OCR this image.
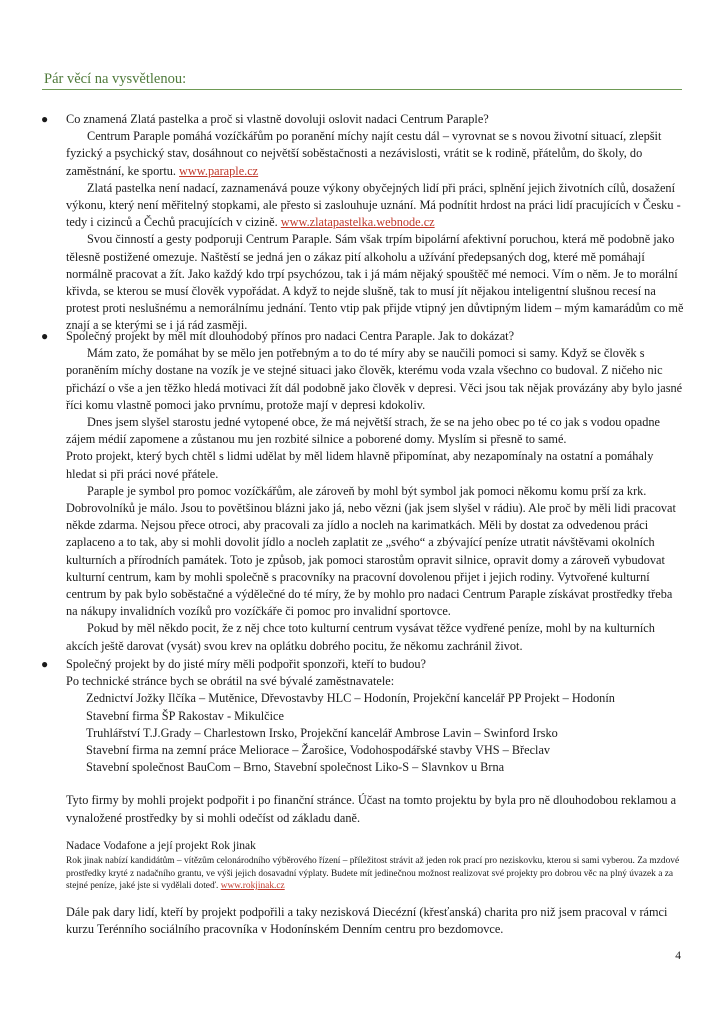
Pár věcí na vysvětlenou:
● Co znamená Zlatá pastelka a proč si vlastně dovoluji oslovit nadaci Centrum Paraple?

Centrum Paraple pomáhá vozíčkářům po poranění míchy najít cestu dál – vyrovnat se s novou životní situací, zlepšit fyzický a psychický stav, dosáhnout co největší soběstačnosti a nezávislosti, vrátit se k rodině, přátelům, do školy, do zaměstnání, ke sportu. www.paraple.cz

Zlatá pastelka není nadací, zaznamenává pouze výkony obyčejných lidí při práci, splnění jejich životních cílů, dosažení výkonu, který není měřitelný stopkami, ale přesto si zaslouhuje uznání. Má podnítit hrdost na práci lidí pracujících v Česku - tedy i cizinců a Čechů pracujících v cizině. www.zlatapastelka.webnode.cz

Svou činností a gesty podporuji Centrum Paraple. Sám však trpím bipolární afektivní poruchou, která mě podobně jako tělesně postižené omezuje. Naštěstí se jedná jen o zákaz pití alkoholu a užívání předepsaných dog, které mě pomáhají normálně pracovat a žít. Jako každý kdo trpí psychózou, tak i já mám nějaký spouštěč mé nemoci. Vím o něm. Je to morální křivda, se kterou se musí člověk vypořádat. A když to nejde slušně, tak to musí jít nějakou inteligentní slušnou recesí na protest proti neslušnému a nemorálnímu jednání. Tento vtip pak přijde vtipný jen důvtipným lidem – mým kamarádům co mě znají a se kterými se i já rád zasměji.

● Společný projekt by měl mít dlouhodobý přínos pro nadaci Centra Paraple. Jak to dokázat?

Mám zato, že pomáhat by se mělo jen potřebným a to do té míry aby se naučili pomoci si samy. Když se člověk s poraněním míchy dostane na vozík je ve stejné situaci jako člověk, kterému voda vzala všechno co budoval. Z ničeho nic přichází o vše a jen těžko hledá motivaci žít dál podobně jako člověk v depresi. Věci jsou tak nějak provázány aby bylo jasné říci komu vlastně pomoci jako prvnímu, protože mají v depresi kdokoliv.

Dnes jsem slyšel starostu jedné vytopené obce, že má největší strach, že se na jeho obec po té co jak s vodou opadne zájem médií zapomene a zůstanou mu jen rozbité silnice a poborené domy. Myslím si přesně to samé.

Proto projekt, který bych chtěl s lidmi udělat by měl lidem hlavně připomínat, aby nezapomínaly na ostatní a pomáhaly hledat si při práci nové přátele.

Paraple je symbol pro pomoc vozíčkářům, ale zároveň by mohl být symbol jak pomoci někomu komu prší za krk. Dobrovolníků je málo. Jsou to povětšinou blázni jako já, nebo vězni (jak jsem slyšel v rádiu). Ale proč by měli lidi pracovat někde zdarma. Nejsou přece otroci, aby pracovali za jídlo a nocleh na karimatkách. Měli by dostat za odvedenou práci zaplaceno a to tak, aby si mohli dovolit jídlo a nocleh zaplatit ze „svého“ a zbývající peníze utratit návštěvami okolních kulturních a přírodních památek. Toto je způsob, jak pomoci starostům opravit silnice, opravit domy a zároveň vybudovat kulturní centrum, kam by mohli společně s pracovníky na pracovní dovolenou přijet i jejich rodiny. Vytvořené kulturní centrum by pak bylo soběstačné a výdělečné do té míry, že by mohlo pro nadaci Centrum Paraple získávat prostředky třeba na nákupy invalidních vozíků pro vozíčkáře či pomoc pro invalidní sportovce.

Pokud by měl někdo pocit, že z něj chce toto kulturní centrum vysávat těžce vydřené peníze, mohl by na kulturních akcích ještě darovat (vysát) svou krev na oplátku dobrého pocitu, že někomu zachránil život.

● Společný projekt by do jisté míry měli podpořit sponzoři, kteří to budou?

Po technické stránce bych se obrátil na své bývalé zaměstnavatele:

Zednictví Jožky Ilčíka – Mutěnice, Dřevostavby HLC – Hodonín, Projekční kancelář PP Projekt – Hodonín
Stavební firma ŠP Rakostav - Mikulčice
Truhlářství T.J.Grady – Charlestown Irsko, Projekční kancelář Ambrose Lavin – Swinford Irsko
Stavební firma na zemní práce Meliorace – Žarošice, Vodohospodářské stavby VHS – Břeclav
Stavební společnost BauCom – Brno, Stavební společnost Liko-S – Slavnkov u Brna

Tyto firmy by mohli projekt podpořit i po finanční stránce. Účast na tomto projektu by byla pro ně dlouhodobou reklamou a vynaložené prostředky by si mohli odečíst od základu daně.

Nadace Vodafone a její projekt Rok jinak

Rok jinak nabízí kandidátům – vítězům celonárodního výběrového řízení – příležitost strávit až jeden rok prací pro neziskovku, kterou si sami vyberou. Za mzdové prostředky kryté z nadačního grantu, ve výši jejich dosavadní výplaty. Budete mít jedinečnou možnost realizovat své projekty pro dobrou věc na plný úvazek a za stejné peníze, jaké jste si vydělali doteď. www.rokjinak.cz

Dále pak dary lidí, kteří by projekt podpořili a taky nezisková Diecézní (křesťanská) charita pro niž jsem pracoval v rámci kurzu Terénního sociálního pracovníka v Hodonínském Denním centru pro bezdomovce.

4
